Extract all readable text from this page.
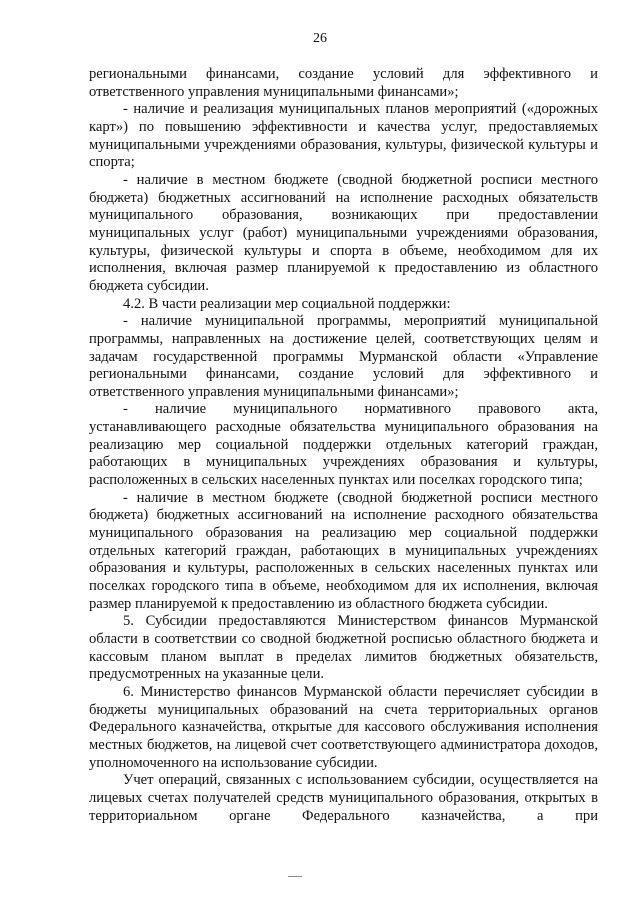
26

региональными финансами, создание условий для эффективного и ответственного управления муниципальными финансами»;

- наличие и реализация муниципальных планов мероприятий («дорожных карт») по повышению эффективности и качества услуг, предоставляемых муниципальными учреждениями образования, культуры, физической культуры и спорта;

- наличие в местном бюджете (сводной бюджетной росписи местного бюджета) бюджетных ассигнований на исполнение расходных обязательств муниципального образования, возникающих при предоставлении муниципальных услуг (работ) муниципальными учреждениями образования, культуры, физической культуры и спорта в объеме, необходимом для их исполнения, включая размер планируемой к предоставлению из областного бюджета субсидии.

4.2. В части реализации мер социальной поддержки:

- наличие муниципальной программы, мероприятий муниципальной программы, направленных на достижение целей, соответствующих целям и задачам государственной программы Мурманской области «Управление региональными финансами, создание условий для эффективного и ответственного управления муниципальными финансами»;

- наличие муниципального нормативного правового акта, устанавливающего расходные обязательства муниципального образования на реализацию мер социальной поддержки отдельных категорий граждан, работающих в муниципальных учреждениях образования и культуры, расположенных в сельских населенных пунктах или поселках городского типа;

- наличие в местном бюджете (сводной бюджетной росписи местного бюджета) бюджетных ассигнований на исполнение расходного обязательства муниципального образования на реализацию мер социальной поддержки отдельных категорий граждан, работающих в муниципальных учреждениях образования и культуры, расположенных в сельских населенных пунктах или поселках городского типа в объеме, необходимом для их исполнения, включая размер планируемой к предоставлению из областного бюджета субсидии.

5. Субсидии предоставляются Министерством финансов Мурманской области в соответствии со сводной бюджетной росписью областного бюджета и кассовым планом выплат в пределах лимитов бюджетных обязательств, предусмотренных на указанные цели.

6. Министерство финансов Мурманской области перечисляет субсидии в бюджеты муниципальных образований на счета территориальных органов Федерального казначейства, открытые для кассового обслуживания исполнения местных бюджетов, на лицевой счет соответствующего администратора доходов, уполномоченного на использование субсидии.

Учет операций, связанных с использованием субсидии, осуществляется на лицевых счетах получателей средств муниципального образования, открытых в территориальном органе Федерального казначейства, а при
